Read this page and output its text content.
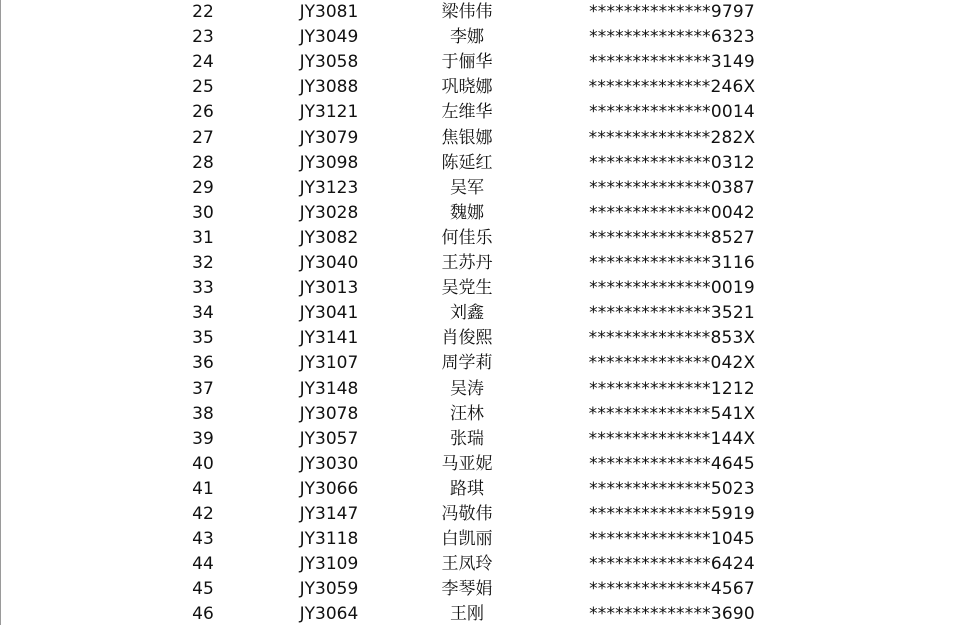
22	JY3081	梁伟伟	**************9797
23	JY3049	李娜	**************6323
24	JY3058	于俪华	**************3149
25	JY3088	巩晓娜	**************246X
26	JY3121	左维华	**************0014
27	JY3079	焦银娜	**************282X
28	JY3098	陈延红	**************0312
29	JY3123	吴军	**************0387
30	JY3028	魏娜	**************0042
31	JY3082	何佳乐	**************8527
32	JY3040	王苏丹	**************3116
33	JY3013	吴党生	**************0019
34	JY3041	刘鑫	**************3521
35	JY3141	肖俊熙	**************853X
36	JY3107	周学莉	**************042X
37	JY3148	吴涛	**************1212
38	JY3078	汪林	**************541X
39	JY3057	张瑞	**************144X
40	JY3030	马亚妮	**************4645
41	JY3066	路琪	**************5023
42	JY3147	冯敬伟	**************5919
43	JY3118	白凯丽	**************1045
44	JY3109	王凤玲	**************6424
45	JY3059	李琴娟	**************4567
46	JY3064	王刚	**************3690
